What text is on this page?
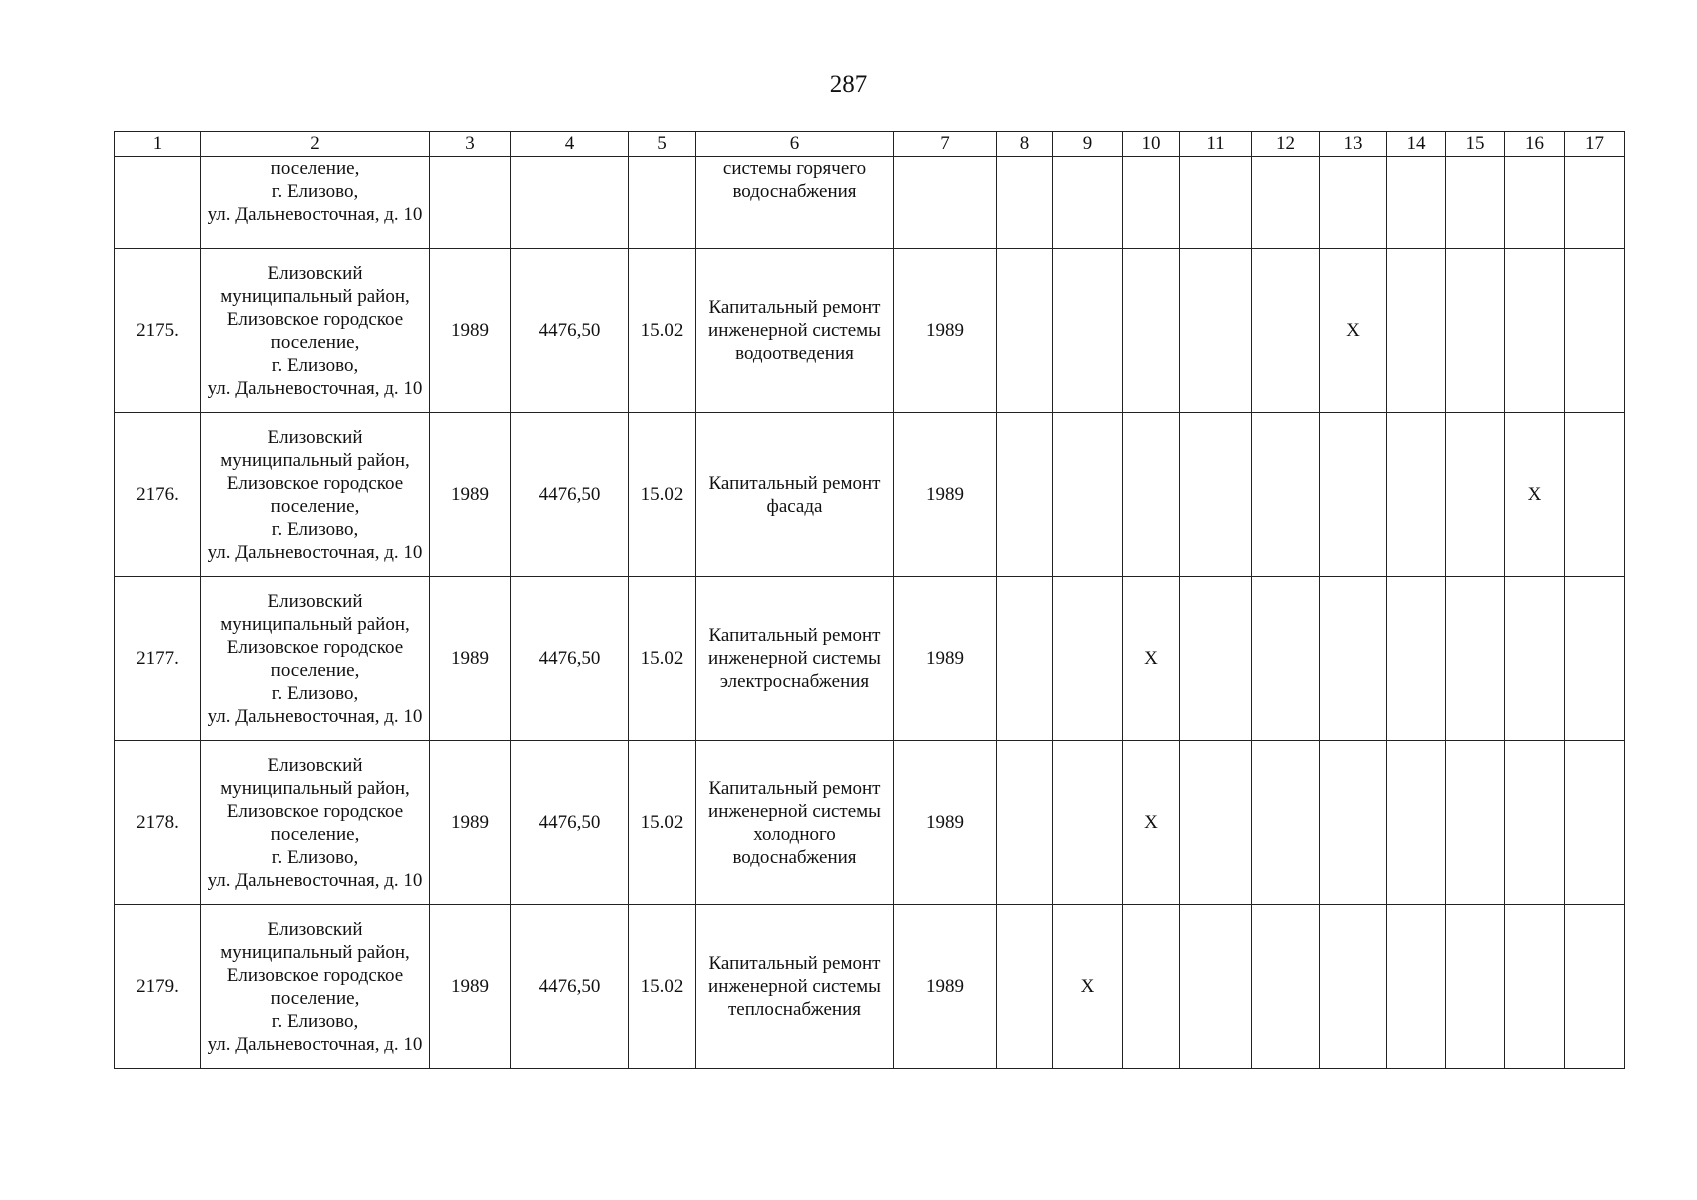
287
1	2	3	4	5	6	7	8	9	10	11	12	13	14	15	16	17

	поселение,
г. Елизово,
ул. Дальневосточная, д. 10				системы горячего водоснабжения											

2175.	Елизовский муниципальный район, Елизовское городское поселение,
г. Елизово,
ул. Дальневосточная, д. 10	1989	4476,50	15.02	Капитальный ремонт инженерной системы водоотведения	1989						X				

2176.	Елизовский муниципальный район, Елизовское городское поселение,
г. Елизово,
ул. Дальневосточная, д. 10	1989	4476,50	15.02	Капитальный ремонт фасада	1989									X	

2177.	Елизовский муниципальный район, Елизовское городское поселение,
г. Елизово,
ул. Дальневосточная, д. 10	1989	4476,50	15.02	Капитальный ремонт инженерной системы электроснабжения	1989			X							

2178.	Елизовский муниципальный район, Елизовское городское поселение,
г. Елизово,
ул. Дальневосточная, д. 10	1989	4476,50	15.02	Капитальный ремонт инженерной системы холодного водоснабжения	1989			X							

2179.	Елизовский муниципальный район, Елизовское городское поселение,
г. Елизово,
ул. Дальневосточная, д. 10	1989	4476,50	15.02	Капитальный ремонт инженерной системы теплоснабжения	1989		X								
